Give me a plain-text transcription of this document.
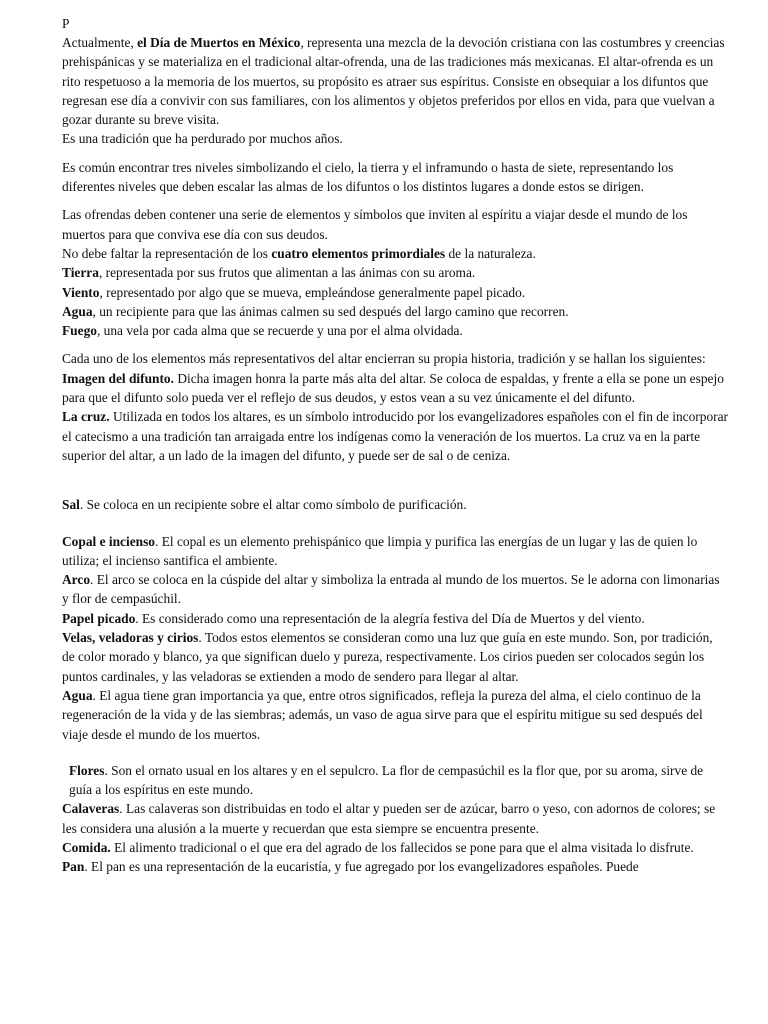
P

Actualmente, el Día de Muertos en México, representa una mezcla de la devoción cristiana con las costumbres y creencias prehispánicas y se materializa en el tradicional altar-ofrenda, una de las tradiciones más mexicanas. El altar-ofrenda es un rito respetuoso a la memoria de los muertos, su propósito es atraer sus espíritus. Consiste en obsequiar a los difuntos que regresan ese día a convivir con sus familiares, con los alimentos y objetos preferidos por ellos en vida, para que vuelvan a gozar durante su breve visita.

Es una tradición que ha perdurado por muchos años.

Es común encontrar tres niveles simbolizando el cielo, la tierra y el inframundo o hasta de siete, representando los diferentes niveles que deben escalar las almas de los difuntos o los distintos lugares a donde estos se dirigen.

Las ofrendas deben contener una serie de elementos y símbolos que inviten al espíritu a viajar desde el mundo de los muertos para que conviva ese día con sus deudos.

No debe faltar la representación de los cuatro elementos primordiales de la naturaleza.

Tierra, representada por sus frutos que alimentan a las ánimas con su aroma.

Viento, representado por algo que se mueva, empleándose generalmente papel picado.

Agua, un recipiente para que las ánimas calmen su sed después del largo camino que recorren.

Fuego, una vela por cada alma que se recuerde y una por el alma olvidada.

Cada uno de los elementos más representativos del altar encierran su propia historia, tradición y se hallan los siguientes:

Imagen del difunto. Dicha imagen honra la parte más alta del altar. Se coloca de espaldas, y frente a ella se pone un espejo para que el difunto solo pueda ver el reflejo de sus deudos, y estos vean a su vez únicamente el del difunto.

La cruz. Utilizada en todos los altares, es un símbolo introducido por los evangelizadores españoles con el fin de incorporar el catecismo a una tradición tan arraigada entre los indígenas como la veneración de los muertos. La cruz va en la parte superior del altar, a un lado de la imagen del difunto, y puede ser de sal o de ceniza.

Sal. Se coloca en un recipiente sobre el altar como símbolo de purificación.

Copal e incienso. El copal es un elemento prehispánico que limpia y purifica las energías de un lugar y las de quien lo utiliza; el incienso santifica el ambiente.

Arco. El arco se coloca en la cúspide del altar y simboliza la entrada al mundo de los muertos. Se le adorna con limonarias y flor de cempasúchil.

Papel picado. Es considerado como una representación de la alegría festiva del Día de Muertos y del viento.

Velas, veladoras y cirios. Todos estos elementos se consideran como una luz que guía en este mundo. Son, por tradición, de color morado y blanco, ya que significan duelo y pureza, respectivamente. Los cirios pueden ser colocados según los puntos cardinales, y las veladoras se extienden a modo de sendero para llegar al altar.

Agua. El agua tiene gran importancia ya que, entre otros significados, refleja la pureza del alma, el cielo continuo de la regeneración de la vida y de las siembras; además, un vaso de agua sirve para que el espíritu mitigue su sed después del viaje desde el mundo de los muertos.

Flores. Son el ornato usual en los altares y en el sepulcro. La flor de cempasúchil es la flor que, por su aroma, sirve de guía a los espíritus en este mundo.

Calaveras. Las calaveras son distribuidas en todo el altar y pueden ser de azúcar, barro o yeso, con adornos de colores; se les considera una alusión a la muerte y recuerdan que esta siempre se encuentra presente.

Comida. El alimento tradicional o el que era del agrado de los fallecidos se pone para que el alma visitada lo disfrute.

Pan. El pan es una representación de la eucaristía, y fue agregado por los evangelizadores españoles. Puede
